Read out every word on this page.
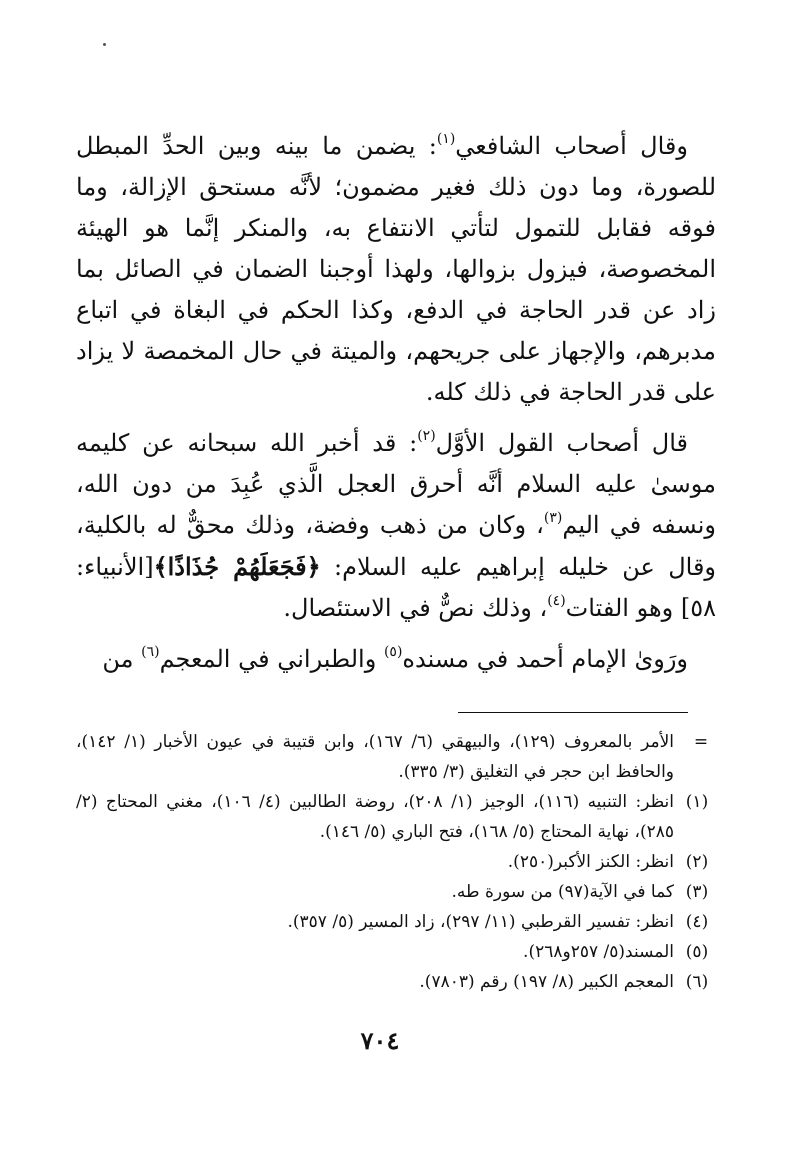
وقال أصحاب الشافعي$^{(١)}$: يضمن ما بينه وبين الحدِّ المبطل للصورة، وما دون ذلك فغير مضمون؛ لأنَّه مستحق الإزالة، وما فوقه فقابل للتمول لتأتي الانتفاع به، والمنكر إنَّما هو الهيئة المخصوصة، فيزول بزوالها، ولهذا أوجبنا الضمان في الصائل بما زاد عن قدر الحاجة في الدفع، وكذا الحكم في البغاة في اتباع مدبرهم، والإجهاز على جريحهم، والميتة في حال المخمصة لا يزاد على قدر الحاجة في ذلك كله.

قال أصحاب القول الأوَّل$^{(٢)}$: قد أخبر الله سبحانه عن كليمه موسىٰ عليه السلام أنَّه أحرق العجل الَّذي عُبِدَ من دون الله، ونسفه في اليم$^{(٣)}$، وكان من ذهب وفضة، وذلك محقٌّ له بالكلية، وقال عن خليله إبراهيم عليه السلام: ﴿فَجَعَلَهُمْ جُذَاذًا﴾[الأنبياء: ٥٨] وهو الفتات$^{(٤)}$، وذلك نصٌّ في الاستئصال.

ورَوىٰ الإمام أحمد في مسنده$^{(٥)}$ والطبراني في المعجم$^{(٦)}$ من

=
الأمر بالمعروف (١٢٩)، والبيهقي (٦/ ١٦٧)، وابن قتيبة في عيون الأخبار (١/ ١٤٢)، والحافظ ابن حجر في التغليق (٣/ ٣٣٥).
(١)
انظر: التنبيه (١١٦)، الوجيز (١/ ٢٠٨)، روضة الطالبين (٤/ ١٠٦)، مغني المحتاج (٢/ ٢٨٥)، نهاية المحتاج (٥/ ١٦٨)، فتح الباري (٥/ ١٤٦).
(٢)
انظر: الكنز الأكبر(٢٥٠).
(٣)
كما في الآية(٩٧) من سورة طه.
(٤)
انظر: تفسير القرطبي (١١/ ٢٩٧)، زاد المسير (٥/ ٣٥٧).
(٥)
المسند(٥/ ٢٥٧و٢٦٨).
(٦)
المعجم الكبير (٨/ ١٩٧) رقم (٧٨٠٣).
٧٠٤
